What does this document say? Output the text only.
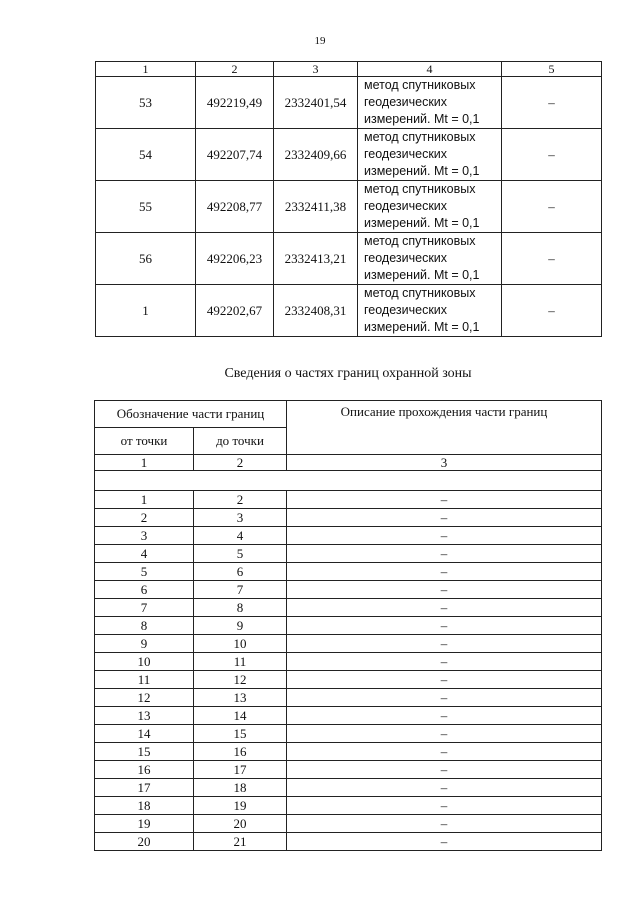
19
1	2	3	4	5
53	492219,49	2332401,54	метод спутниковых геодезических измерений. Mt = 0,1	–
54	492207,74	2332409,66	метод спутниковых геодезических измерений. Mt = 0,1	–
55	492208,77	2332411,38	метод спутниковых геодезических измерений. Mt = 0,1	–
56	492206,23	2332413,21	метод спутниковых геодезических измерений. Mt = 0,1	–
1	492202,67	2332408,31	метод спутниковых геодезических измерений. Mt = 0,1	–
Сведения о частях границ охранной зоны
Обозначение части границ		Описание прохождения части границ
от точки	до точки	
1	2	3

1	2	–
2	3	–
3	4	–
4	5	–
5	6	–
6	7	–
7	8	–
8	9	–
9	10	–
10	11	–
11	12	–
12	13	–
13	14	–
14	15	–
15	16	–
16	17	–
17	18	–
18	19	–
19	20	–
20	21	–
